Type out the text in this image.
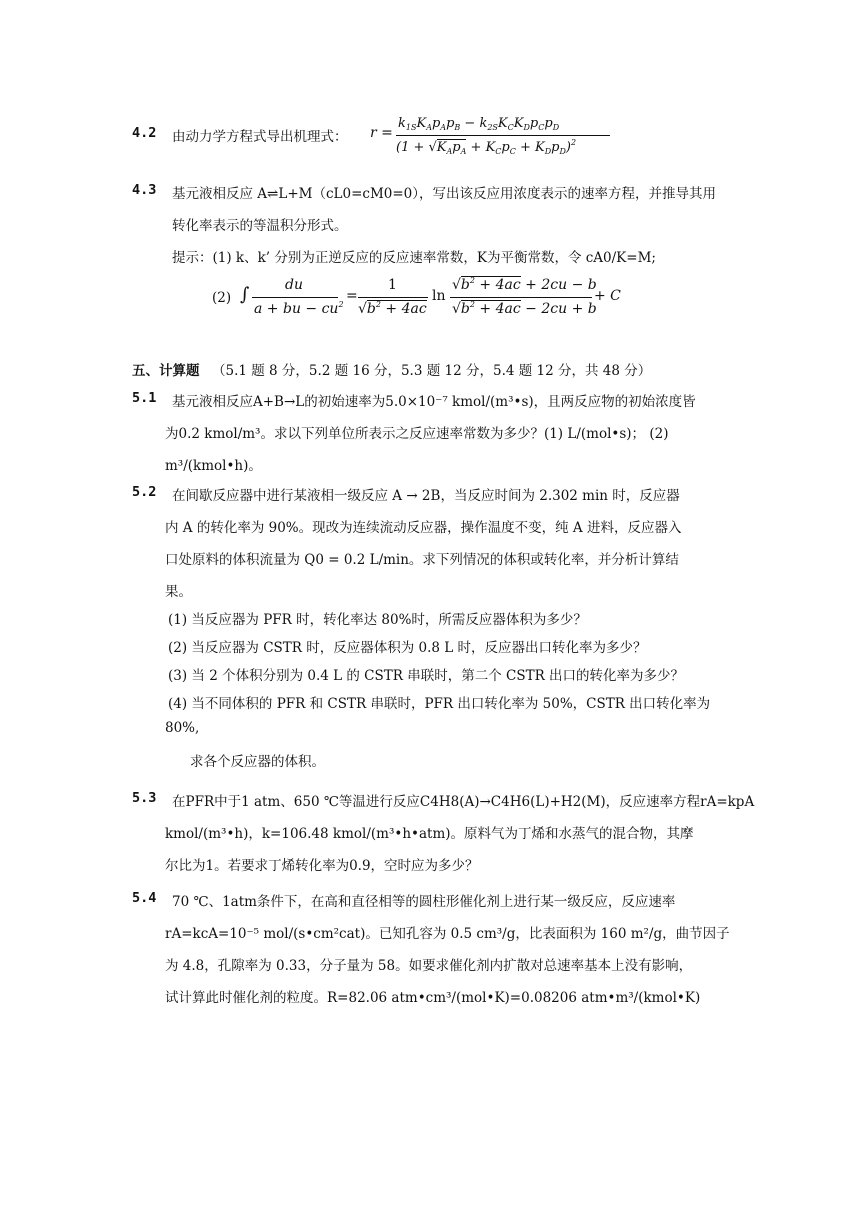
4.2 由动力学方程式导出机理式： r =
$k_{1S}K_Ap_Ap_B - k_{2S}K_CK_Dp_Cp_D$
$(1 + √K_Ap_A + K_Cp_C + K_Dp_D)^2$
4.3 基元液相反应 A⇌L+M（cL0=cM0=0），写出该反应用浓度表示的速率方程，并推导其用
转化率表示的等温积分形式。
提示：(1) k、k’ 分别为正逆反应的反应速率常数，K为平衡常数，令 cA0/K=M;
(2) ∫	du
a + bu − $cu^2$
=
1
$√b^2 + 4ac$
ln
$√b^2 + 4ac + 2cu - b$
$√b^2 + 4ac - 2cu + b$
+ C
五、计算题 （5.1 题 8 分，5.2 题 16 分，5.3 题 12 分，5.4 题 12 分，共 48 分）
5.1 基元液相反应A+B→L的初始速率为5.0×10⁻⁷ kmol/(m³•s)，且两反应物的初始浓度皆
为0.2 kmol/m³。求以下列单位所表示之反应速率常数为多少？(1) L/(mol•s)； (2)
m³/(kmol•h)。
5.2 在间歇反应器中进行某液相一级反应 A → 2B，当反应时间为 2.302 min 时，反应器
内 A 的转化率为 90%。现改为连续流动反应器，操作温度不变，纯 A 进料，反应器入
口处原料的体积流量为 Q0 = 0.2 L/min。求下列情况的体积或转化率，并分析计算结
果。
(1) 当反应器为 PFR 时，转化率达 80%时，所需反应器体积为多少？
(2) 当反应器为 CSTR 时，反应器体积为 0.8 L 时，反应器出口转化率为多少？
(3) 当 2 个体积分别为 0.4 L 的 CSTR 串联时，第二个 CSTR 出口的转化率为多少？
(4) 当不同体积的 PFR 和 CSTR 串联时，PFR 出口转化率为 50%，CSTR 出口转化率为
80%,
求各个反应器的体积。
5.3 在PFR中于1 atm、650 ℃等温进行反应C4H8(A)→C4H6(L)+H2(M)，反应速率方程rA=kpA
kmol/(m³•h)，k=106.48 kmol/(m³•h•atm)。原料气为丁烯和水蒸气的混合物，其摩
尔比为1。若要求丁烯转化率为0.9，空时应为多少？
5.4 70 ℃、1atm条件下，在高和直径相等的圆柱形催化剂上进行某一级反应，反应速率
rA=kcA=10⁻⁵ mol/(s•cm²cat)。已知孔容为 0.5 cm³/g，比表面积为 160 m²/g，曲节因子
为 4.8，孔隙率为 0.33，分子量为 58。如要求催化剂内扩散对总速率基本上没有影响，
试计算此时催化剂的粒度。R=82.06 atm•cm³/(mol•K)=0.08206 atm•m³/(kmol•K)
